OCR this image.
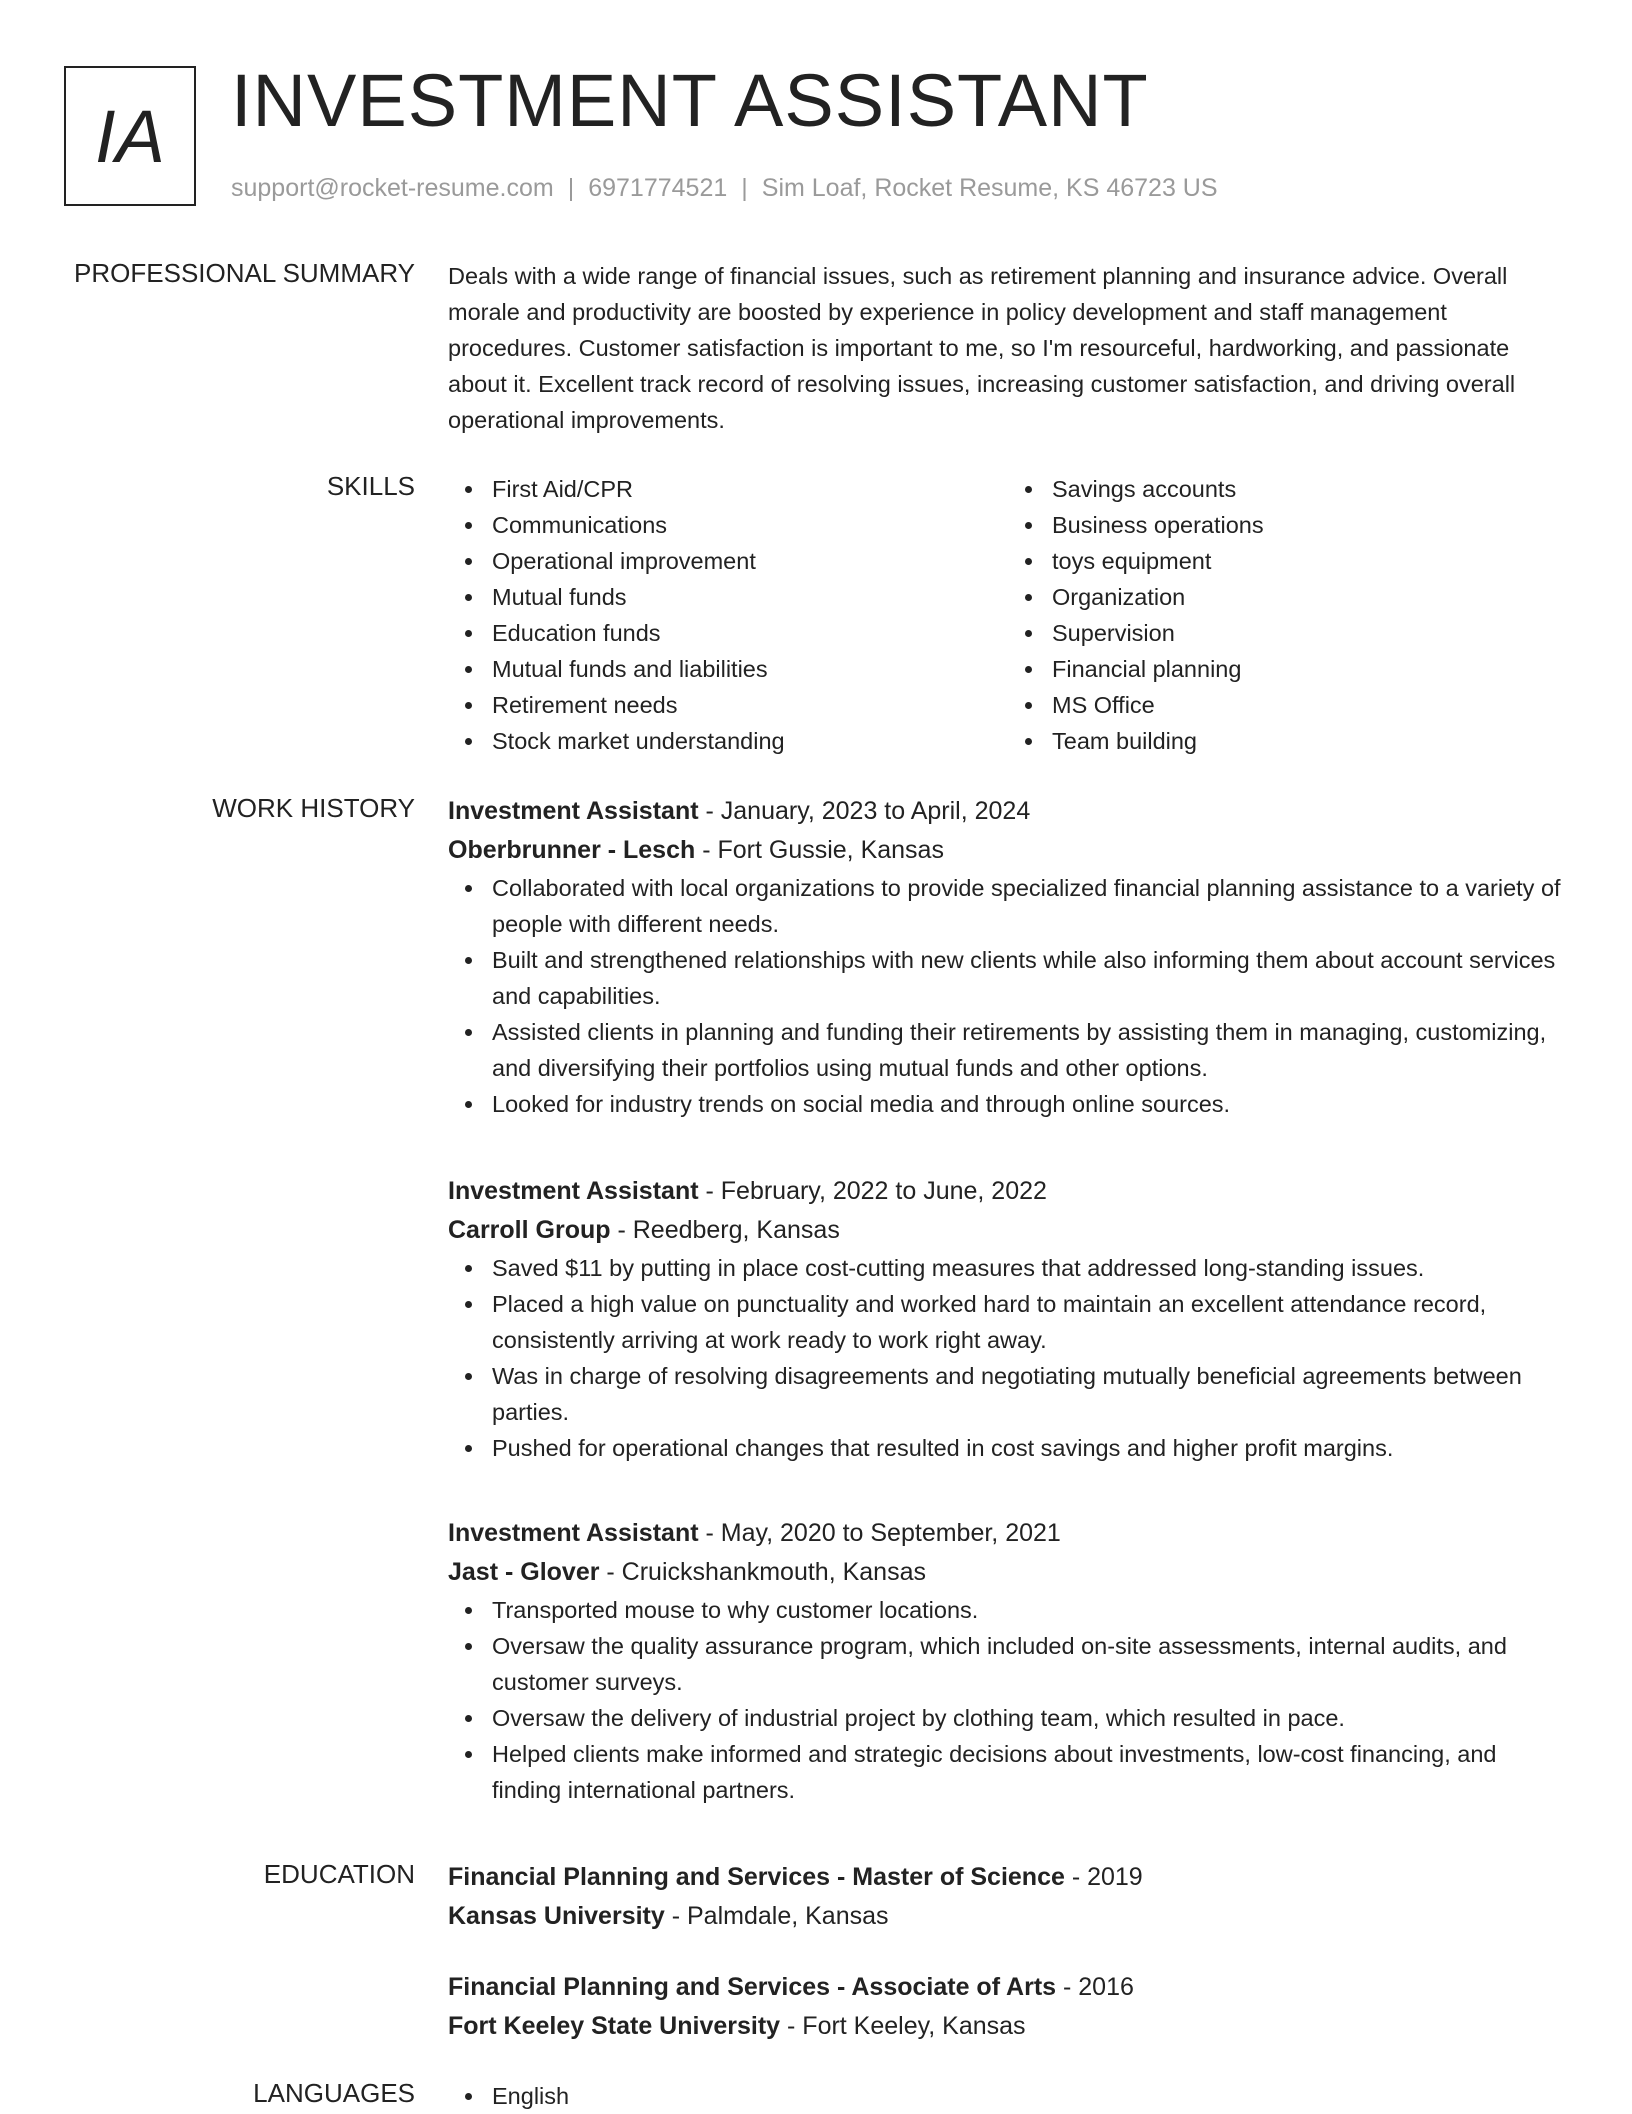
IA INVESTMENT ASSISTANT
support@rocket-resume.com | 6971774521 | Sim Loaf, Rocket Resume, KS 46723 US
PROFESSIONAL SUMMARY Deals with a wide range of financial issues, such as retirement planning and insurance advice. Overall morale and productivity are boosted by experience in policy development and staff management procedures. Customer satisfaction is important to me, so I'm resourceful, hardworking, and passionate about it. Excellent track record of resolving issues, increasing customer satisfaction, and driving overall operational improvements.

SKILLS	First Aid/CPR
Communications
Operational improvement
Mutual funds
Education funds
Mutual funds and liabilities
Retirement needs
Stock market understanding
Savings accounts
Business operations
toys equipment
Organization
Supervision
Financial planning
MS Office
Team building
WORK HISTORY Investment Assistant - January, 2023 to April, 2024
Oberbrunner - Lesch - Fort Gussie, Kansas
Collaborated with local organizations to provide specialized financial planning assistance to a variety of people with different needs.
Built and strengthened relationships with new clients while also informing them about account services and capabilities.
Assisted clients in planning and funding their retirements by assisting them in managing, customizing, and diversifying their portfolios using mutual funds and other options.
Looked for industry trends on social media and through online sources.
Investment Assistant - February, 2022 to June, 2022
Carroll Group - Reedberg, Kansas
Saved $11 by putting in place cost-cutting measures that addressed long-standing issues.
Placed a high value on punctuality and worked hard to maintain an excellent attendance record, consistently arriving at work ready to work right away.
Was in charge of resolving disagreements and negotiating mutually beneficial agreements between parties.
Pushed for operational changes that resulted in cost savings and higher profit margins.
Investment Assistant - May, 2020 to September, 2021
Jast - Glover - Cruickshankmouth, Kansas
Transported mouse to why customer locations.
Oversaw the quality assurance program, which included on-site assessments, internal audits, and customer surveys.
Oversaw the delivery of industrial project by clothing team, which resulted in pace.
Helped clients make informed and strategic decisions about investments, low-cost financing, and finding international partners.
EDUCATION Financial Planning and Services - Master of Science - 2019
Kansas University - Palmdale, Kansas
Financial Planning and Services - Associate of Arts - 2016
Fort Keeley State University - Fort Keeley, Kansas
LANGUAGES	English
